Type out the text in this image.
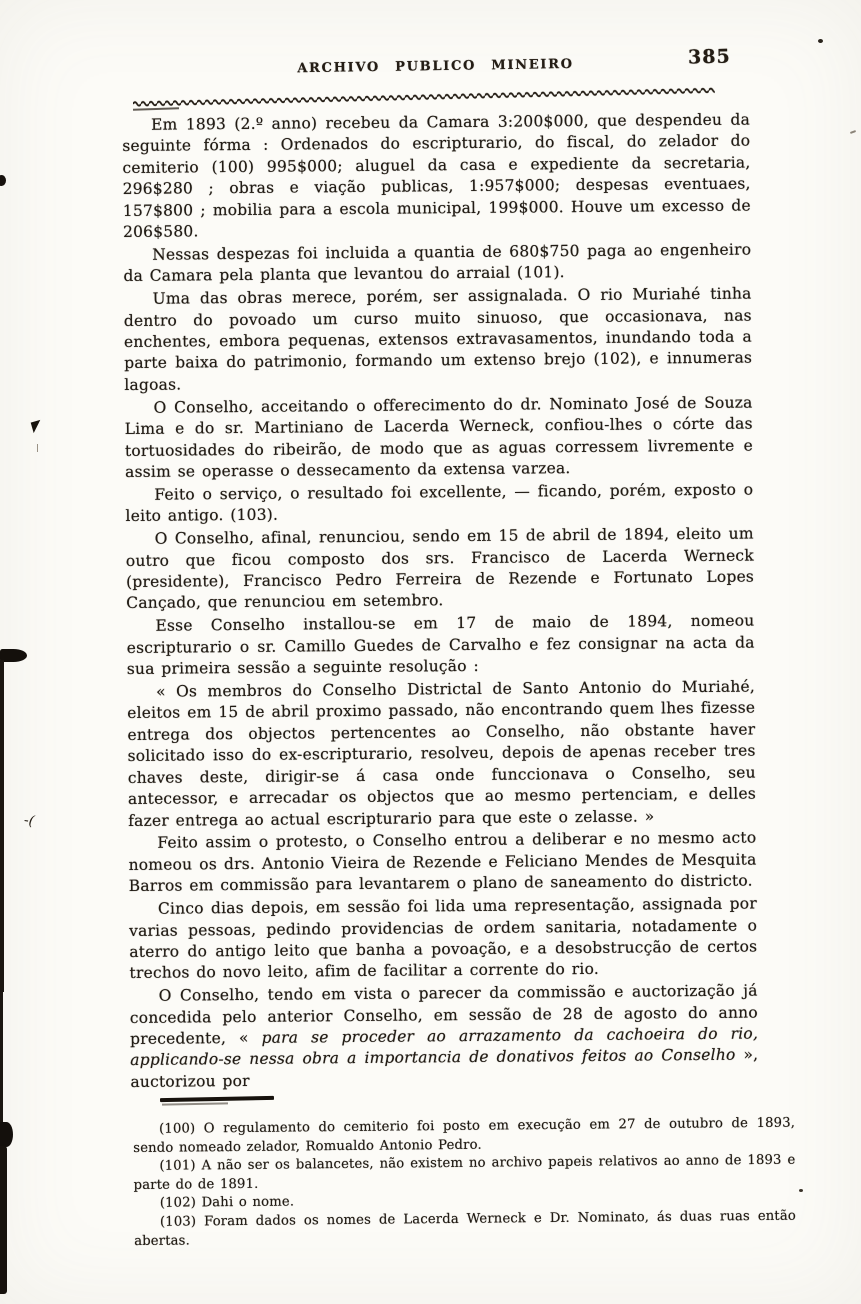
ARCHIVO PUBLICO MINEIRO	385

Em 1893 (2.º anno) recebeu da Camara 3:200$000, que despendeu da seguinte fórma : Ordenados do escripturario, do fiscal, do zelador do cemiterio (100) 995$000; aluguel da casa e expediente da secretaria, 296$280 ; obras e viação publicas, 1:957$000; despesas eventuaes, 157$800 ; mobilia para a escola municipal, 199$000. Houve um excesso de 206$580.

Nessas despezas foi incluida a quantia de 680$750 paga ao engenheiro da Camara pela planta que levantou do arraial (101).

Uma das obras merece, porém, ser assignalada. O rio Muriahé tinha dentro do povoado um curso muito sinuoso, que occasionava, nas enchentes, embora pequenas, extensos extravasamentos, inundando toda a parte baixa do patrimonio, formando um extenso brejo (102), e innumeras lagoas.

O Conselho, acceitando o offerecimento do dr. Nominato José de Souza Lima e do sr. Martiniano de Lacerda Werneck, confiou-lhes o córte das tortuosidades do ribeirão, de modo que as aguas corressem livremente e assim se operasse o dessecamento da extensa varzea.

Feito o serviço, o resultado foi excellente, — ficando, porém, exposto o leito antigo. (103).

O Conselho, afinal, renunciou, sendo em 15 de abril de 1894, eleito um outro que ficou composto dos srs. Francisco de Lacerda Werneck (presidente), Francisco Pedro Ferreira de Rezende e Fortunato Lopes Cançado, que renunciou em setembro.

Esse Conselho installou-se em 17 de maio de 1894, nomeou escripturario o sr. Camillo Guedes de Carvalho e fez consignar na acta da sua primeira sessão a seguinte resolução :

« Os membros do Conselho Districtal de Santo Antonio do Muriahé, eleitos em 15 de abril proximo passado, não encontrando quem lhes fizesse entrega dos objectos pertencentes ao Conselho, não obstante haver solicitado isso do ex-escripturario, resolveu, depois de apenas receber tres chaves deste, dirigir-se á casa onde funccionava o Conselho, seu antecessor, e arrecadar os objectos que ao mesmo pertenciam, e delles fazer entrega ao actual escripturario para que este o zelasse. »

Feito assim o protesto, o Conselho entrou a deliberar e no mesmo acto nomeou os drs. Antonio Vieira de Rezende e Feliciano Mendes de Mesquita Barros em commissão para levantarem o plano de saneamento do districto.

Cinco dias depois, em sessão foi lida uma representação, assignada por varias pessoas, pedindo providencias de ordem sanitaria, notadamente o aterro do antigo leito que banha a povoação, e a desobstrucção de certos trechos do novo leito, afim de facilitar a corrente do rio.

O Conselho, tendo em vista o parecer da commissão e auctorização já concedida pelo anterior Conselho, em sessão de 28 de agosto do anno precedente, « para se proceder ao arrazamento da cachoeira do rio, applicando-se nessa obra a importancia de donativos feitos ao Conselho », auctorizou por

(100) O regulamento do cemiterio foi posto em execução em 27 de outubro de 1893, sendo nomeado zelador, Romualdo Antonio Pedro.

(101) A não ser os balancetes, não existem no archivo papeis relativos ao anno de 1893 e parte do de 1891.

(102) Dahi o nome.

(103) Foram dados os nomes de Lacerda Werneck e Dr. Nominato, ás duas ruas então abertas.

-(
